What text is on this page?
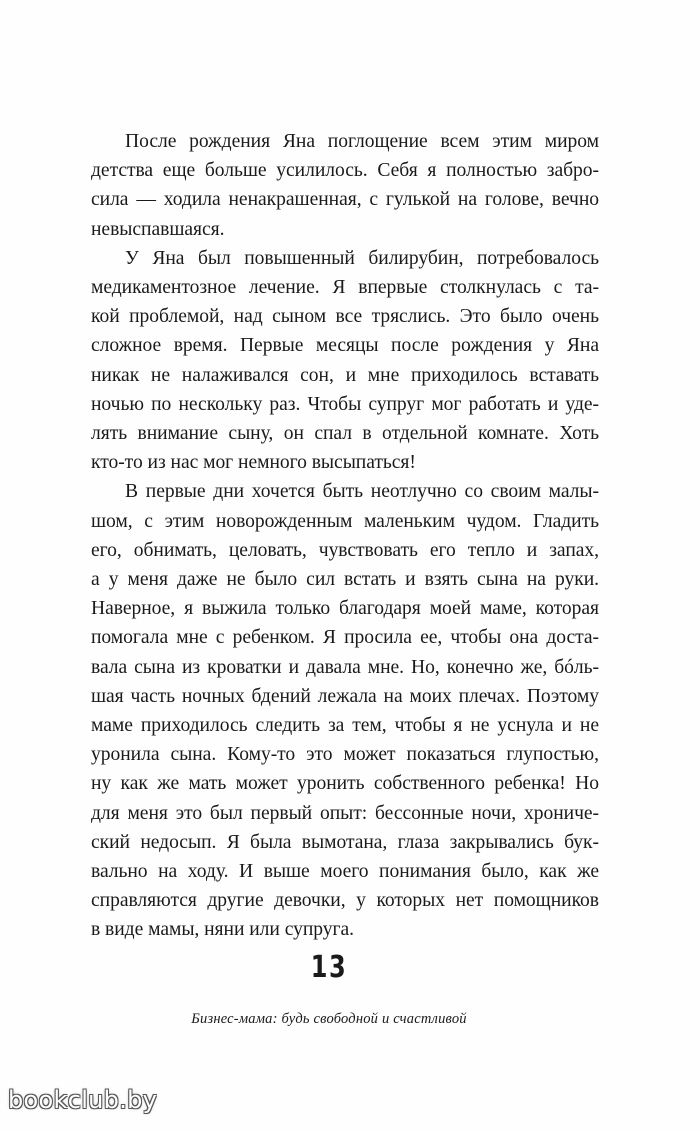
После рождения Яна поглощение всем этим миром
детства еще больше усилилось. Себя я полностью забро-
сила — ходила ненакрашенная, с гулькой на голове, вечно
невыспавшаяся.

У Яна был повышенный билирубин, потребовалось
медикаментозное лечение. Я впервые столкнулась с та-
кой проблемой, над сыном все тряслись. Это было очень
сложное время. Первые месяцы после рождения у Яна
никак не налаживался сон, и мне приходилось вставать
ночью по нескольку раз. Чтобы супруг мог работать и уде-
лять внимание сыну, он спал в отдельной комнате. Хоть
кто-то из нас мог немного высыпаться!

В первые дни хочется быть неотлучно со своим малы-
шом, с этим новорожденным маленьким чудом. Гладить
его, обнимать, целовать, чувствовать его тепло и запах,
а у меня даже не было сил встать и взять сына на руки.
Наверное, я выжила только благодаря моей маме, которая
помогала мне с ребенком. Я просила ее, чтобы она доста-
вала сына из кроватки и давала мне. Но, конечно же, бóль-
шая часть ночных бдений лежала на моих плечах. Поэтому
маме приходилось следить за тем, чтобы я не уснула и не
уронила сына. Кому-то это может показаться глупостью,
ну как же мать может уронить собственного ребенка! Но
для меня это был первый опыт: бессонные ночи, хрониче-
ский недосып. Я была вымотана, глаза закрывались бук-
вально на ходу. И выше моего понимания было, как же
справляются другие девочки, у которых нет помощников
в виде мамы, няни или супруга.

13
Бизнес-мама: будь свободной и счастливой
bookclub.by
